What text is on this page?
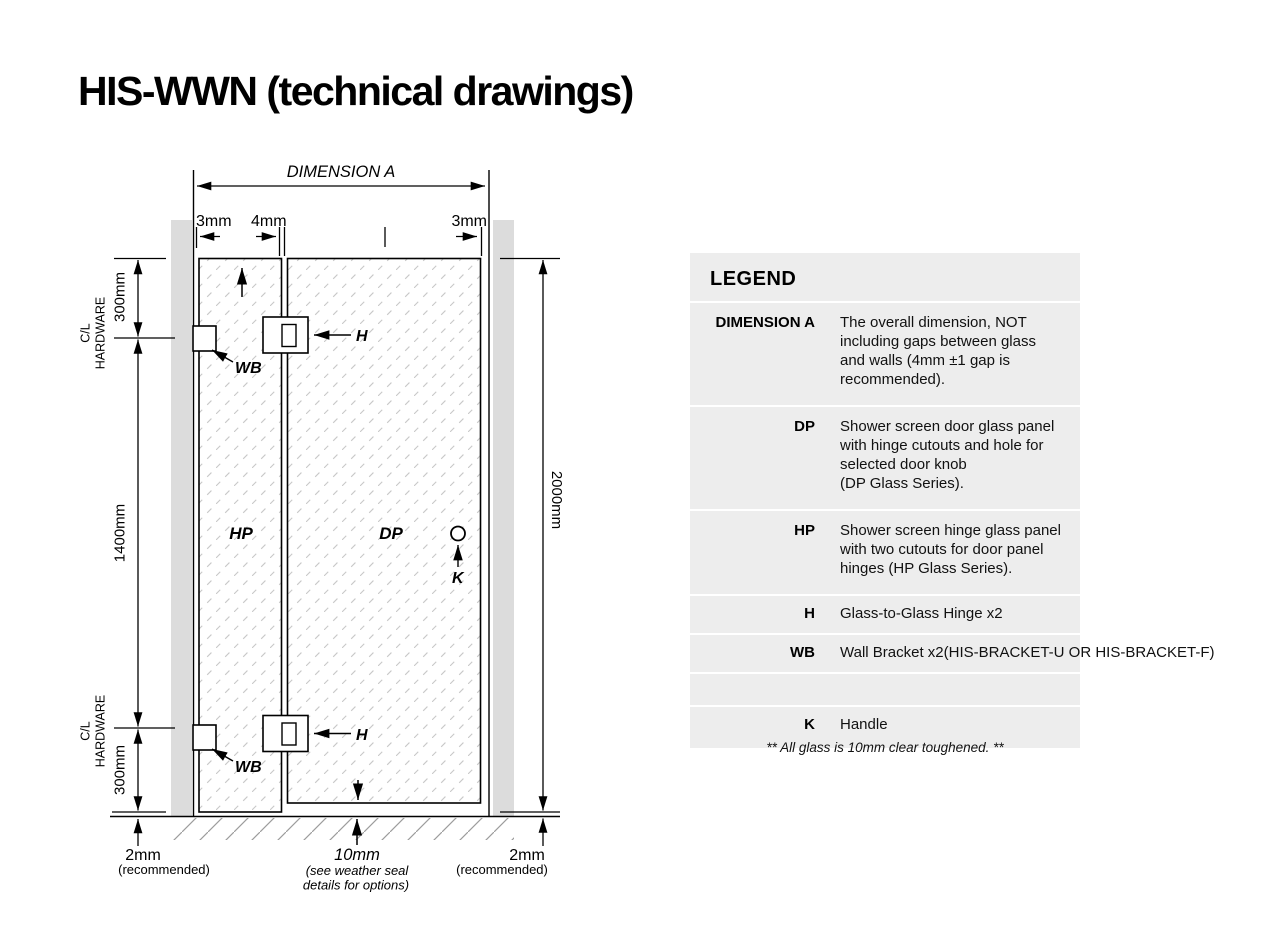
HIS-WWN (technical drawings)
DIMENSION A
3mm 4mm	3mm
300mm
1400mm
300mm
C/L HARDWARE
C/L HARDWARE
2000mm
WB
WB
H
H
HP	DP
K
2mm
(recommended)
10mm
(see weather seal
details for options)
2mm
(recommended)
LEGEND
DIMENSION A The overall dimension, NOT
including gaps between glass
and walls (4mm ±1 gap is
recommended).
DP Shower screen door glass panel
with hinge cutouts and hole for
selected door knob
(DP Glass Series).
HP Shower screen hinge glass panel
with two cutouts for door panel
hinges (HP Glass Series).
H Glass-to-Glass Hinge x2
WB Wall Bracket x2(HIS-BRACKET-U OR HIS-BRACKET-F)
K Handle
** All glass is 10mm clear toughened. **
